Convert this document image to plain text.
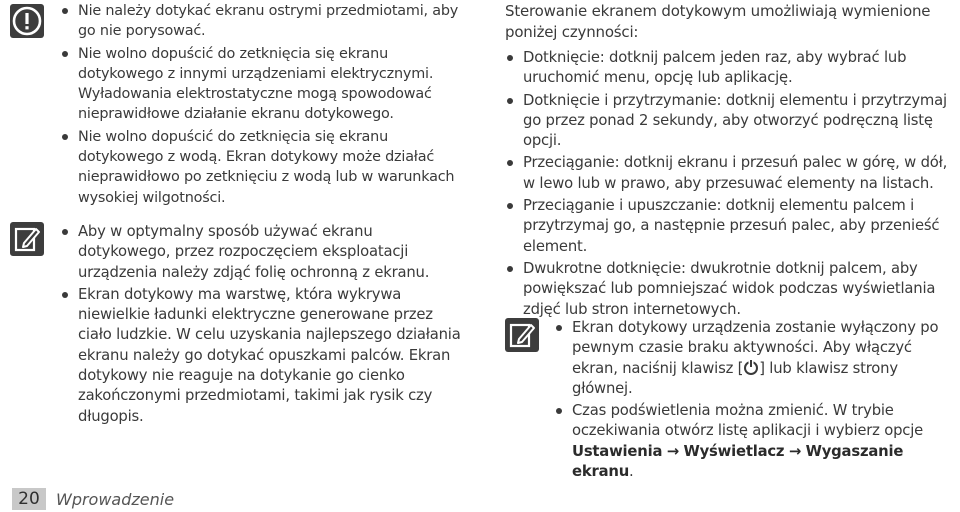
Nie należy dotykać ekranu ostrymi przedmiotami, aby go nie porysować.
Nie wolno dopuścić do zetknięcia się ekranu dotykowego z innymi urządzeniami elektrycznymi. Wyładowania elektrostatyczne mogą spowodować nieprawidłowe działanie ekranu dotykowego.
Nie wolno dopuścić do zetknięcia się ekranu dotykowego z wodą. Ekran dotykowy może działać nieprawidłowo po zetknięciu z wodą lub w warunkach wysokiej wilgotności.
Aby w optymalny sposób używać ekranu dotykowego, przez rozpoczęciem eksploatacji urządzenia należy zdjąć folię ochronną z ekranu.
Ekran dotykowy ma warstwę, która wykrywa niewielkie ładunki elektryczne generowane przez ciało ludzkie. W celu uzyskania najlepszego działania ekranu należy go dotykać opuszkami palców. Ekran dotykowy nie reaguje na dotykanie go cienko zakończonymi przedmiotami, takimi jak rysik czy długopis.
Sterowanie ekranem dotykowym umożliwiają wymienione poniżej czynności:
Dotknięcie: dotknij palcem jeden raz, aby wybrać lub uruchomić menu, opcję lub aplikację.
Dotknięcie i przytrzymanie: dotknij elementu i przytrzymaj go przez ponad 2 sekundy, aby otworzyć podręczną listę opcji.
Przeciąganie: dotknij ekranu i przesuń palec w górę, w dół, w lewo lub w prawo, aby przesuwać elementy na listach.
Przeciąganie i upuszczanie: dotknij elementu palcem i przytrzymaj go, a następnie przesuń palec, aby przenieść element.
Dwukrotne dotknięcie: dwukrotnie dotknij palcem, aby powiększać lub pomniejszać widok podczas wyświetlania zdjęć lub stron internetowych.
Ekran dotykowy urządzenia zostanie wyłączony po pewnym czasie braku aktywności. Aby włączyć ekran, naciśnij klawisz [ ] lub klawisz strony głównej.
Czas podświetlenia można zmienić. W trybie oczekiwania otwórz listę aplikacji i wybierz opcje Ustawienia → Wyświetlacz → Wygaszanie ekranu.
20	Wprowadzenie
